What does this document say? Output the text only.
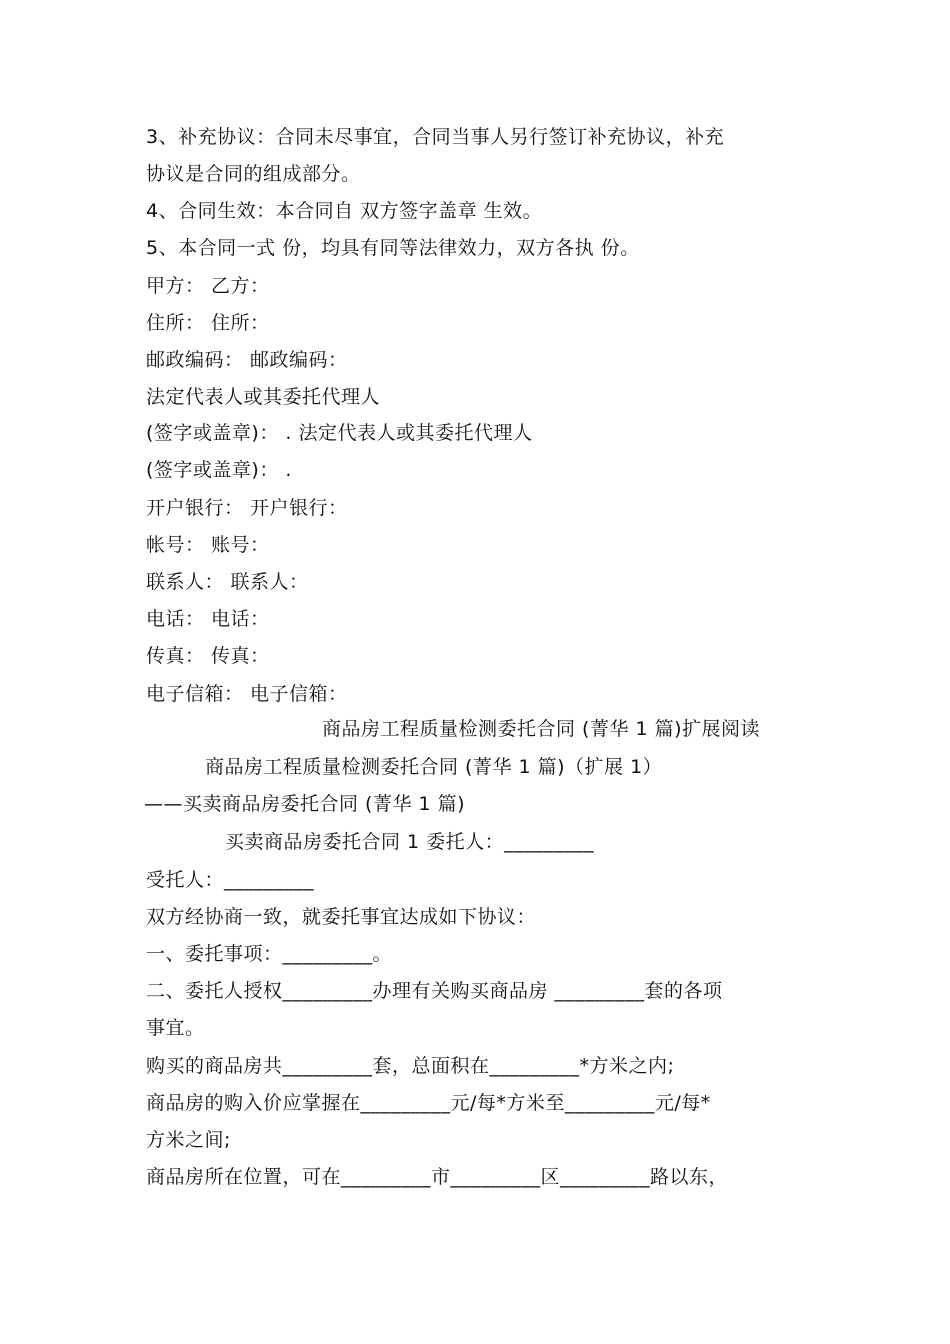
3、补充协议：合同未尽事宜，合同当事人另行签订补充协议，补充
协议是合同的组成部分。
4、合同生效：本合同自 双方签字盖章 生效。
5、本合同一式 份，均具有同等法律效力，双方各执 份。
甲方： 乙方：
住所： 住所：
邮政编码： 邮政编码：
法定代表人或其委托代理人
(签字或盖章)： . 法定代表人或其委托代理人
(签字或盖章)： .
开户银行： 开户银行：
帐号： 账号：
联系人： 联系人：
电话： 电话：
传真： 传真：
电子信箱： 电子信箱：
商品房工程质量检测委托合同 (菁华 1 篇)扩展阅读
商品房工程质量检测委托合同 (菁华 1 篇)（扩展 1）
——买卖商品房委托合同 (菁华 1 篇)
买卖商品房委托合同 1 委托人：_________
受托人：_________
双方经协商一致，就委托事宜达成如下协议：
一、委托事项：_________。
二、委托人授权_________办理有关购买商品房 _________套的各项
事宜。
购买的商品房共_________套，总面积在_________*方米之内;
商品房的购入价应掌握在_________元/每*方米至_________元/每*
方米之间;
商品房所在位置，可在_________市_________区_________路以东，
